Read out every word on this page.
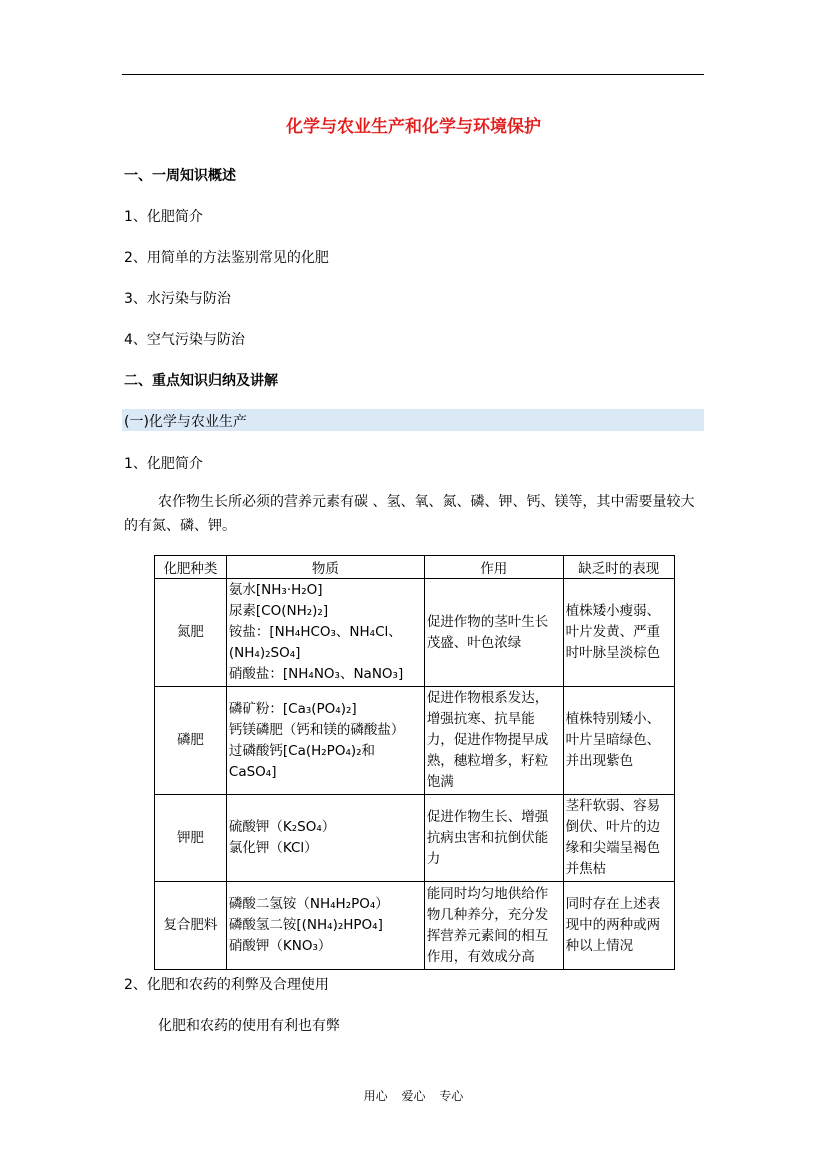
化学与农业生产和化学与环境保护
一、一周知识概述
1、化肥简介
2、用简单的方法鉴别常见的化肥
3、水污染与防治
4、空气污染与防治
二、重点知识归纳及讲解
(一)化学与农业生产
1、化肥简介
农作物生长所必须的营养元素有碳 、氢、氧、氮、磷、钾、钙、镁等，其中需要量较大的有氮、磷、钾。
化肥种类	物质	作用	缺乏时的表现
氮肥	氨水[NH₃·H₂O]
尿素[CO(NH₂)₂]
铵盐：[NH₄HCO₃、NH₄Cl、(NH₄)₂SO₄]
硝酸盐：[NH₄NO₃、NaNO₃]	促进作物的茎叶生长茂盛、叶色浓绿	植株矮小瘦弱、叶片发黄、严重时叶脉呈淡棕色
磷肥	磷矿粉：[Ca₃(PO₄)₂]
钙镁磷肥（钙和镁的磷酸盐）
过磷酸钙[Ca(H₂PO₄)₂和CaSO₄]	促进作物根系发达，增强抗寒、抗旱能力，促进作物提早成熟，穗粒增多，籽粒饱满	植株特别矮小、叶片呈暗绿色、并出现紫色
钾肥	硫酸钾（K₂SO₄）
氯化钾（KCl）	促进作物生长、增强抗病虫害和抗倒伏能力	茎秆软弱、容易倒伏、叶片的边缘和尖端呈褐色并焦枯
复合肥料	磷酸二氢铵（NH₄H₂PO₄）
磷酸氢二铵[(NH₄)₂HPO₄]
硝酸钾（KNO₃）	能同时均匀地供给作物几种养分，充分发挥营养元素间的相互作用，有效成分高	同时存在上述表现中的两种或两种以上情况
2、化肥和农药的利弊及合理使用
化肥和农药的使用有利也有弊
用心 爱心 专心
